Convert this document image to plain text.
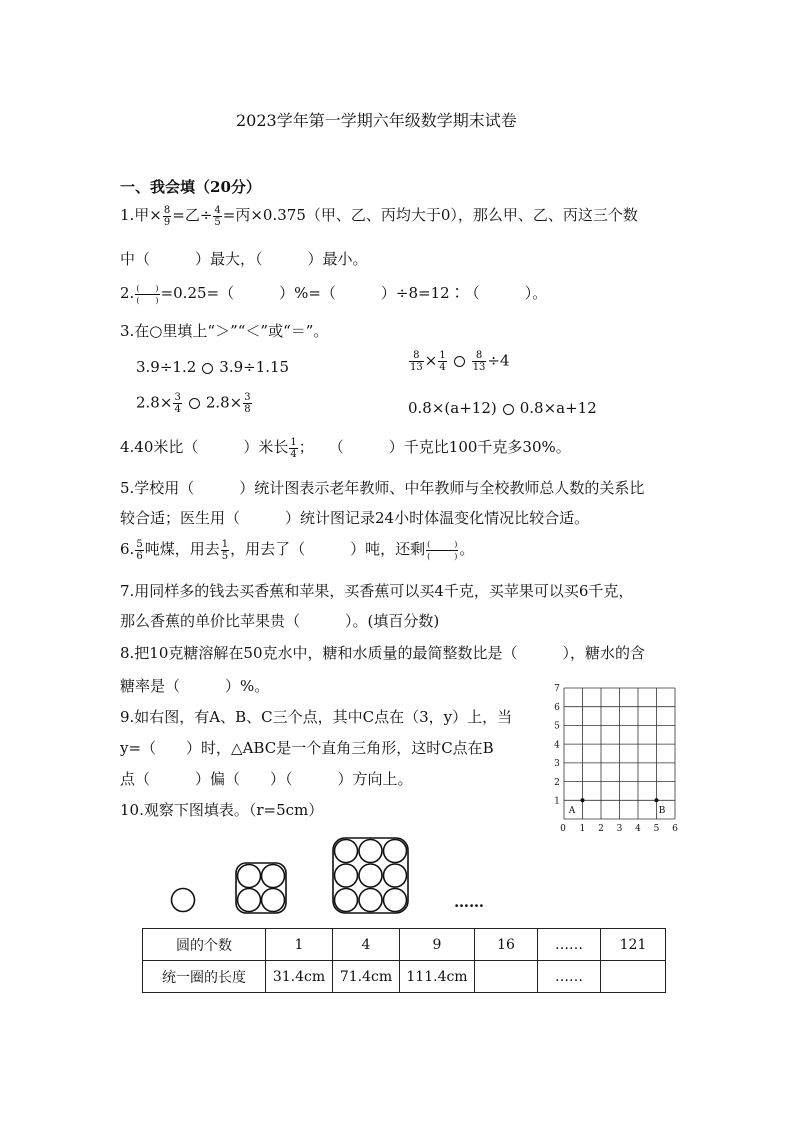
2023学年第一学期六年级数学期末试卷
一、我会填（20分）
1.甲× $\frac{8}{9}$ =乙÷ $\frac{4}{5}$ =丙×0.375（甲、乙、丙均大于0），那么甲、乙、丙这三个数
中（　　　）最大，（　　　）最小。
2. $\frac{( )}{( )} =0.25=$（　　　）%=（　　　）÷8=12∶（　　　）。
3.在○里填上“＞”“＜”或“＝”。
3.9÷1.2 3.9÷1.15	$\frac{8}{13} \times \frac{1}{4}$	$\frac{8}{13} \div 4$
$2.8\times \frac{3}{4} 2.8\times \frac{3}{8}$	0.8×(a+12) 0.8×a+12
4.40米比（　　　）米长 $\frac{1}{4}$ ；　　（　　　）千克比100千克多30%。
5.学校用（　　　）统计图表示老年教师、中年教师与全校教师总人数的关系比
较合适；医生用（　　　）统计图记录24小时体温变化情况比较合适。
6. $\frac{5}{6}$ 吨煤，用去 $\frac{1}{5}$ ，用去了（　　　）吨，还剩 $\frac{( )}{( )}$ 。
7.用同样多的钱去买香蕉和苹果，买香蕉可以买4千克，买苹果可以买6千克，
那么香蕉的单价比苹果贵（　　　）。(填百分数)
8.把10克糖溶解在50克水中，糖和水质量的最简整数比是（　　　），糖水的含
糖率是（　　　）%。
9.如右图，有A、B、C三个点，其中C点在（3，y）上，当
y=（　　）时，△ABC是一个直角三角形，这时C点在B
点（　　　）偏（　　）（　　　）方向上。
10.观察下图填表。（r=5cm）
0 1 2 3 4 5 6
1
2
3
4
5
6
7
A	B
……
圆的个数	1	4	9	16	……	121
统一圈的长度	31.4cm	71.4cm	111.4cm		……	
